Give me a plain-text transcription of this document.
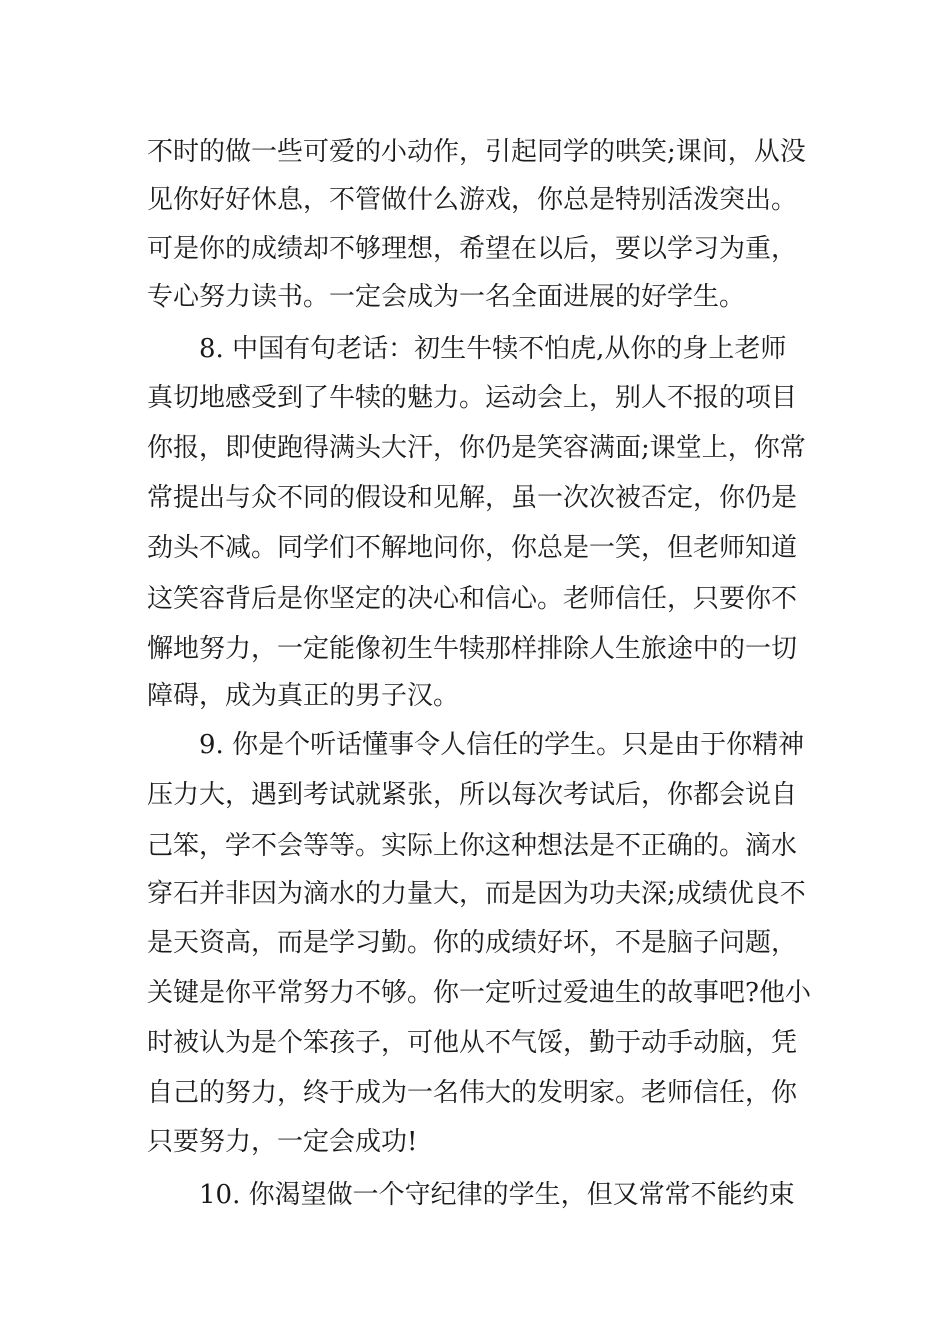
不时的做一些可爱的小动作，引起同学的哄笑;课间，从没
见你好好休息，不管做什么游戏，你总是特别活泼突出。
可是你的成绩却不够理想，希望在以后，要以学习为重，
专心努力读书。一定会成为一名全面进展的好学生。
8. 中国有句老话：初生牛犊不怕虎,从你的身上老师
真切地感受到了牛犊的魅力。运动会上，别人不报的项目
你报，即使跑得满头大汗，你仍是笑容满面;课堂上，你常
常提出与众不同的假设和见解，虽一次次被否定，你仍是
劲头不减。同学们不解地问你，你总是一笑，但老师知道
这笑容背后是你坚定的决心和信心。老师信任，只要你不
懈地努力，一定能像初生牛犊那样排除人生旅途中的一切
障碍，成为真正的男子汉。
9. 你是个听话懂事令人信任的学生。只是由于你精神
压力大，遇到考试就紧张，所以每次考试后，你都会说自
己笨，学不会等等。实际上你这种想法是不正确的。滴水
穿石并非因为滴水的力量大，而是因为功夫深;成绩优良不
是天资高，而是学习勤。你的成绩好坏，不是脑子问题，
关键是你平常努力不够。你一定听过爱迪生的故事吧?他小
时被认为是个笨孩子，可他从不气馁，勤于动手动脑，凭
自己的努力，终于成为一名伟大的发明家。老师信任，你
只要努力，一定会成功!
10. 你渴望做一个守纪律的学生，但又常常不能约束
